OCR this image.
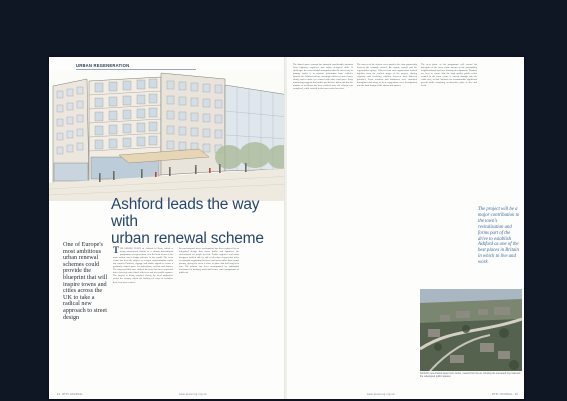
URBAN REGENERATION
Ashford leads the way with
urban renewal scheme
One of Europe's most ambitious urban renewal schemes could provide the blueprint that will inspire towns and cities across the UK to take a radical new approach to street design
THE SERIES TOWN of Ashford in Kent, which is being transformed thanks to a vibrant international programme of regeneration, is at the heart of one of the most radical street design schemes in the world. The town centre has been the subject of a major transformation which has removed barriers, signage and traffic signals to create a genuinely shared space for pedestrians, cyclists and drivers. The ring road that once choked the town has been converted into a two-way street lined with trees and new public squares. The project is being watched closely by local authorities across the country which are looking for ways to revitalise their own town centres.
Its conventional street environment has been replaced by an integrated design that slows traffic and improves the environment for people on foot. Traffic engineers and urban designers worked side by side to develop a layout that relies on informal negotiation between road users rather than formal priority, giving the town a sense of place that had long been lost. The scheme has been accompanied by substantial investment in housing, retail and leisure, and a programme of public art.
44 RTPI JOURNAL	www.planning.org.uk
The shared space concept has attracted considerable attention from highway engineers and urban designers alike. It challenges the conventional assumption that the safest way to manage traffic is to separate pedestrians from vehicles. Instead, the Ashford scheme encourages drivers to travel more slowly and to make eye contact with other road users. Early monitoring suggests that traffic speeds have fallen and that the number of accidents has been reduced since the scheme was completed, while footfall in the town centre has risen.
The success of the scheme owes much to the close partnership between the borough council, the county council and the regeneration agency. Officers from each organisation worked together from the earliest stages of the project, sharing expertise and resolving conflicts between their different priorities. Local residents and businesses were consulted throughout and many of their suggestions were incorporated into the final design of the streets and squares.
The next phase of the programme will extend the principles of the town centre scheme to the surrounding neighbourhoods and new housing developments. Planners are keen to ensure that the high quality public realm created in the town centre is carried through into the wider area, so that Ashford can accommodate significant growth while remaining an attractive place to live and work.
The project will be a major contribution to the town's revitalisation and forms part of the drive to establish Ashford as one of the best places in Britain in which to live and work
Ashford's new shared space town centre, viewed from the air, showing the converted ring road and the redesigned public squares
www.planning.org.uk	RTPI JOURNAL 45
